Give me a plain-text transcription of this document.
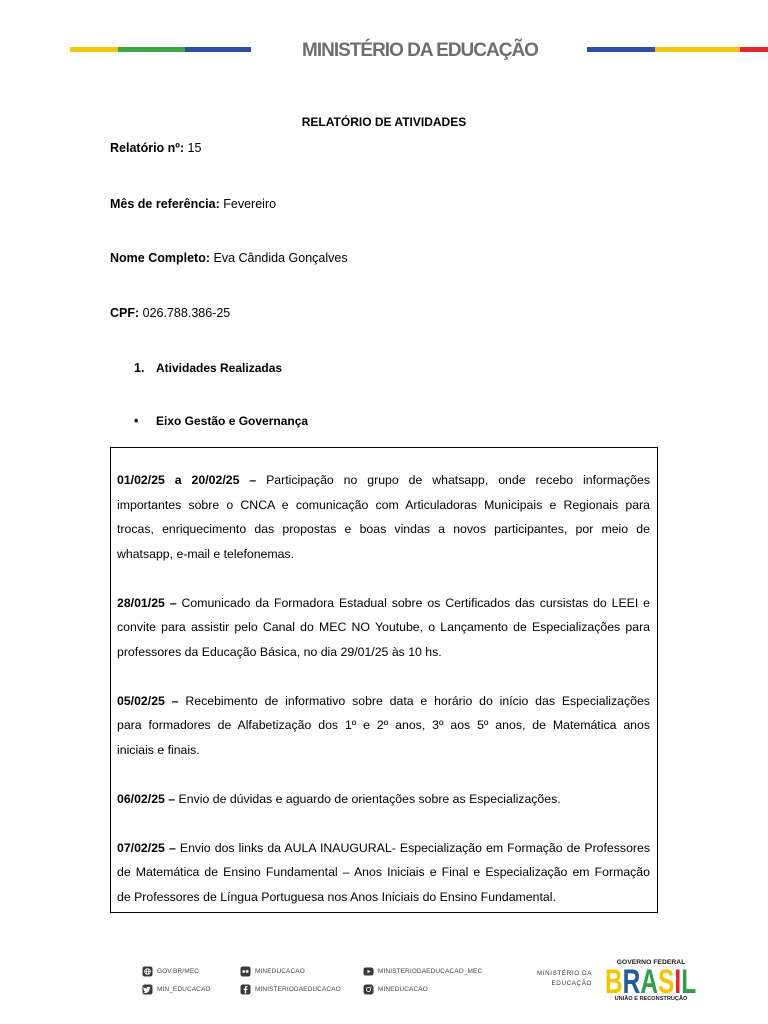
MINISTÉRIO DA EDUCAÇÃO
RELATÓRIO DE ATIVIDADES
Relatório nº: 15
Mês de referência: Fevereiro
Nome Completo: Eva Cândida Gonçalves
CPF: 026.788.386-25
1. Atividades Realizadas
• Eixo Gestão e Governança
01/02/25 a 20/02/25 – Participação no grupo de whatsapp, onde recebo informações
importantes sobre o CNCA e comunicação com Articuladoras Municipais e Regionais para
trocas, enriquecimento das propostas e boas vindas a novos participantes, por meio de
whatsapp, e-mail e telefonemas.
28/01/25 – Comunicado da Formadora Estadual sobre os Certificados das cursistas do LEEI e
convite para assistir pelo Canal do MEC NO Youtube, o Lançamento de Especializações para
professores da Educação Básica, no dia 29/01/25 às 10 hs.
05/02/25 – Recebimento de informativo sobre data e horário do início das Especializações
para formadores de Alfabetização dos 1º e 2º anos, 3º aos 5º anos, de Matemática anos
iniciais e finais.
06/02/25 – Envio de dúvidas e aguardo de orientações sobre as Especializações.
07/02/25 – Envio dos links da AULA INAUGURAL- Especialização em Formação de Professores
de Matemática de Ensino Fundamental – Anos Iniciais e Final e Especialização em Formação
de Professores de Língua Portuguesa nos Anos Iniciais do Ensino Fundamental.
GOV.BR/MEC
MIN_EDUCACAO
MINEDUCACAO
MINISTERIODAEDUCACAO
MINISTERIODAEDUCACAO_MEC
MINEDUCACAO
MINISTÉRIO DA
EDUCAÇÃO
GOVERNO FEDERAL
BRASIL
UNIÃO E RECONSTRUÇÃO
